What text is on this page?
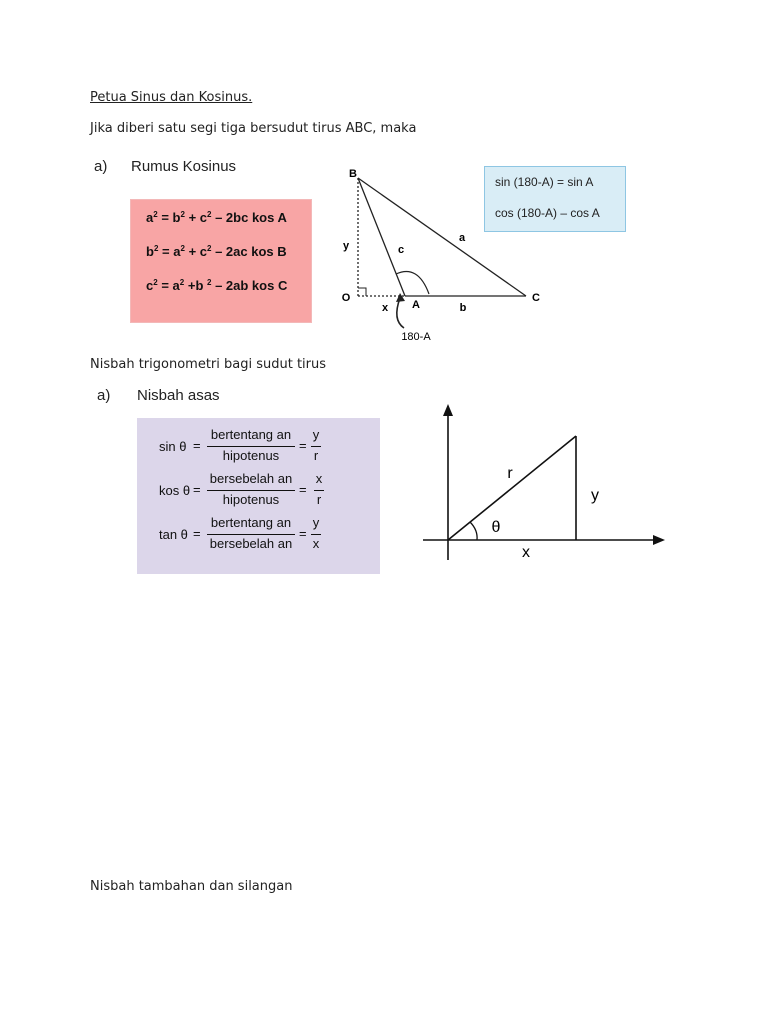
Petua Sinus dan Kosinus.
Jika diberi satu segi tiga bersudut tirus ABC, maka
a) Rumus Kosinus
$a^2 = b^2 + c^2 - 2bc$ kos A
$b^2 = a^2 + c^2 - 2ac$ kos B
$c^2 = a^2 +b$ $^2$ – 2ab kos C
B
O
A
C
a
b
c
x
y
180-A
sin (180-A) = sin A
cos (180-A) – cos A
Nisbah trigonometri bagi sudut tirus
a) Nisbah asas
sin θ =
bertentang an
hipotenus
=
y
r
kos θ =
bersebelah an
hipotenus
=
x
r
tan θ =
bertentang an
bersebelah an
=
y
x
r
y
x
θ
Nisbah tambahan dan silangan
